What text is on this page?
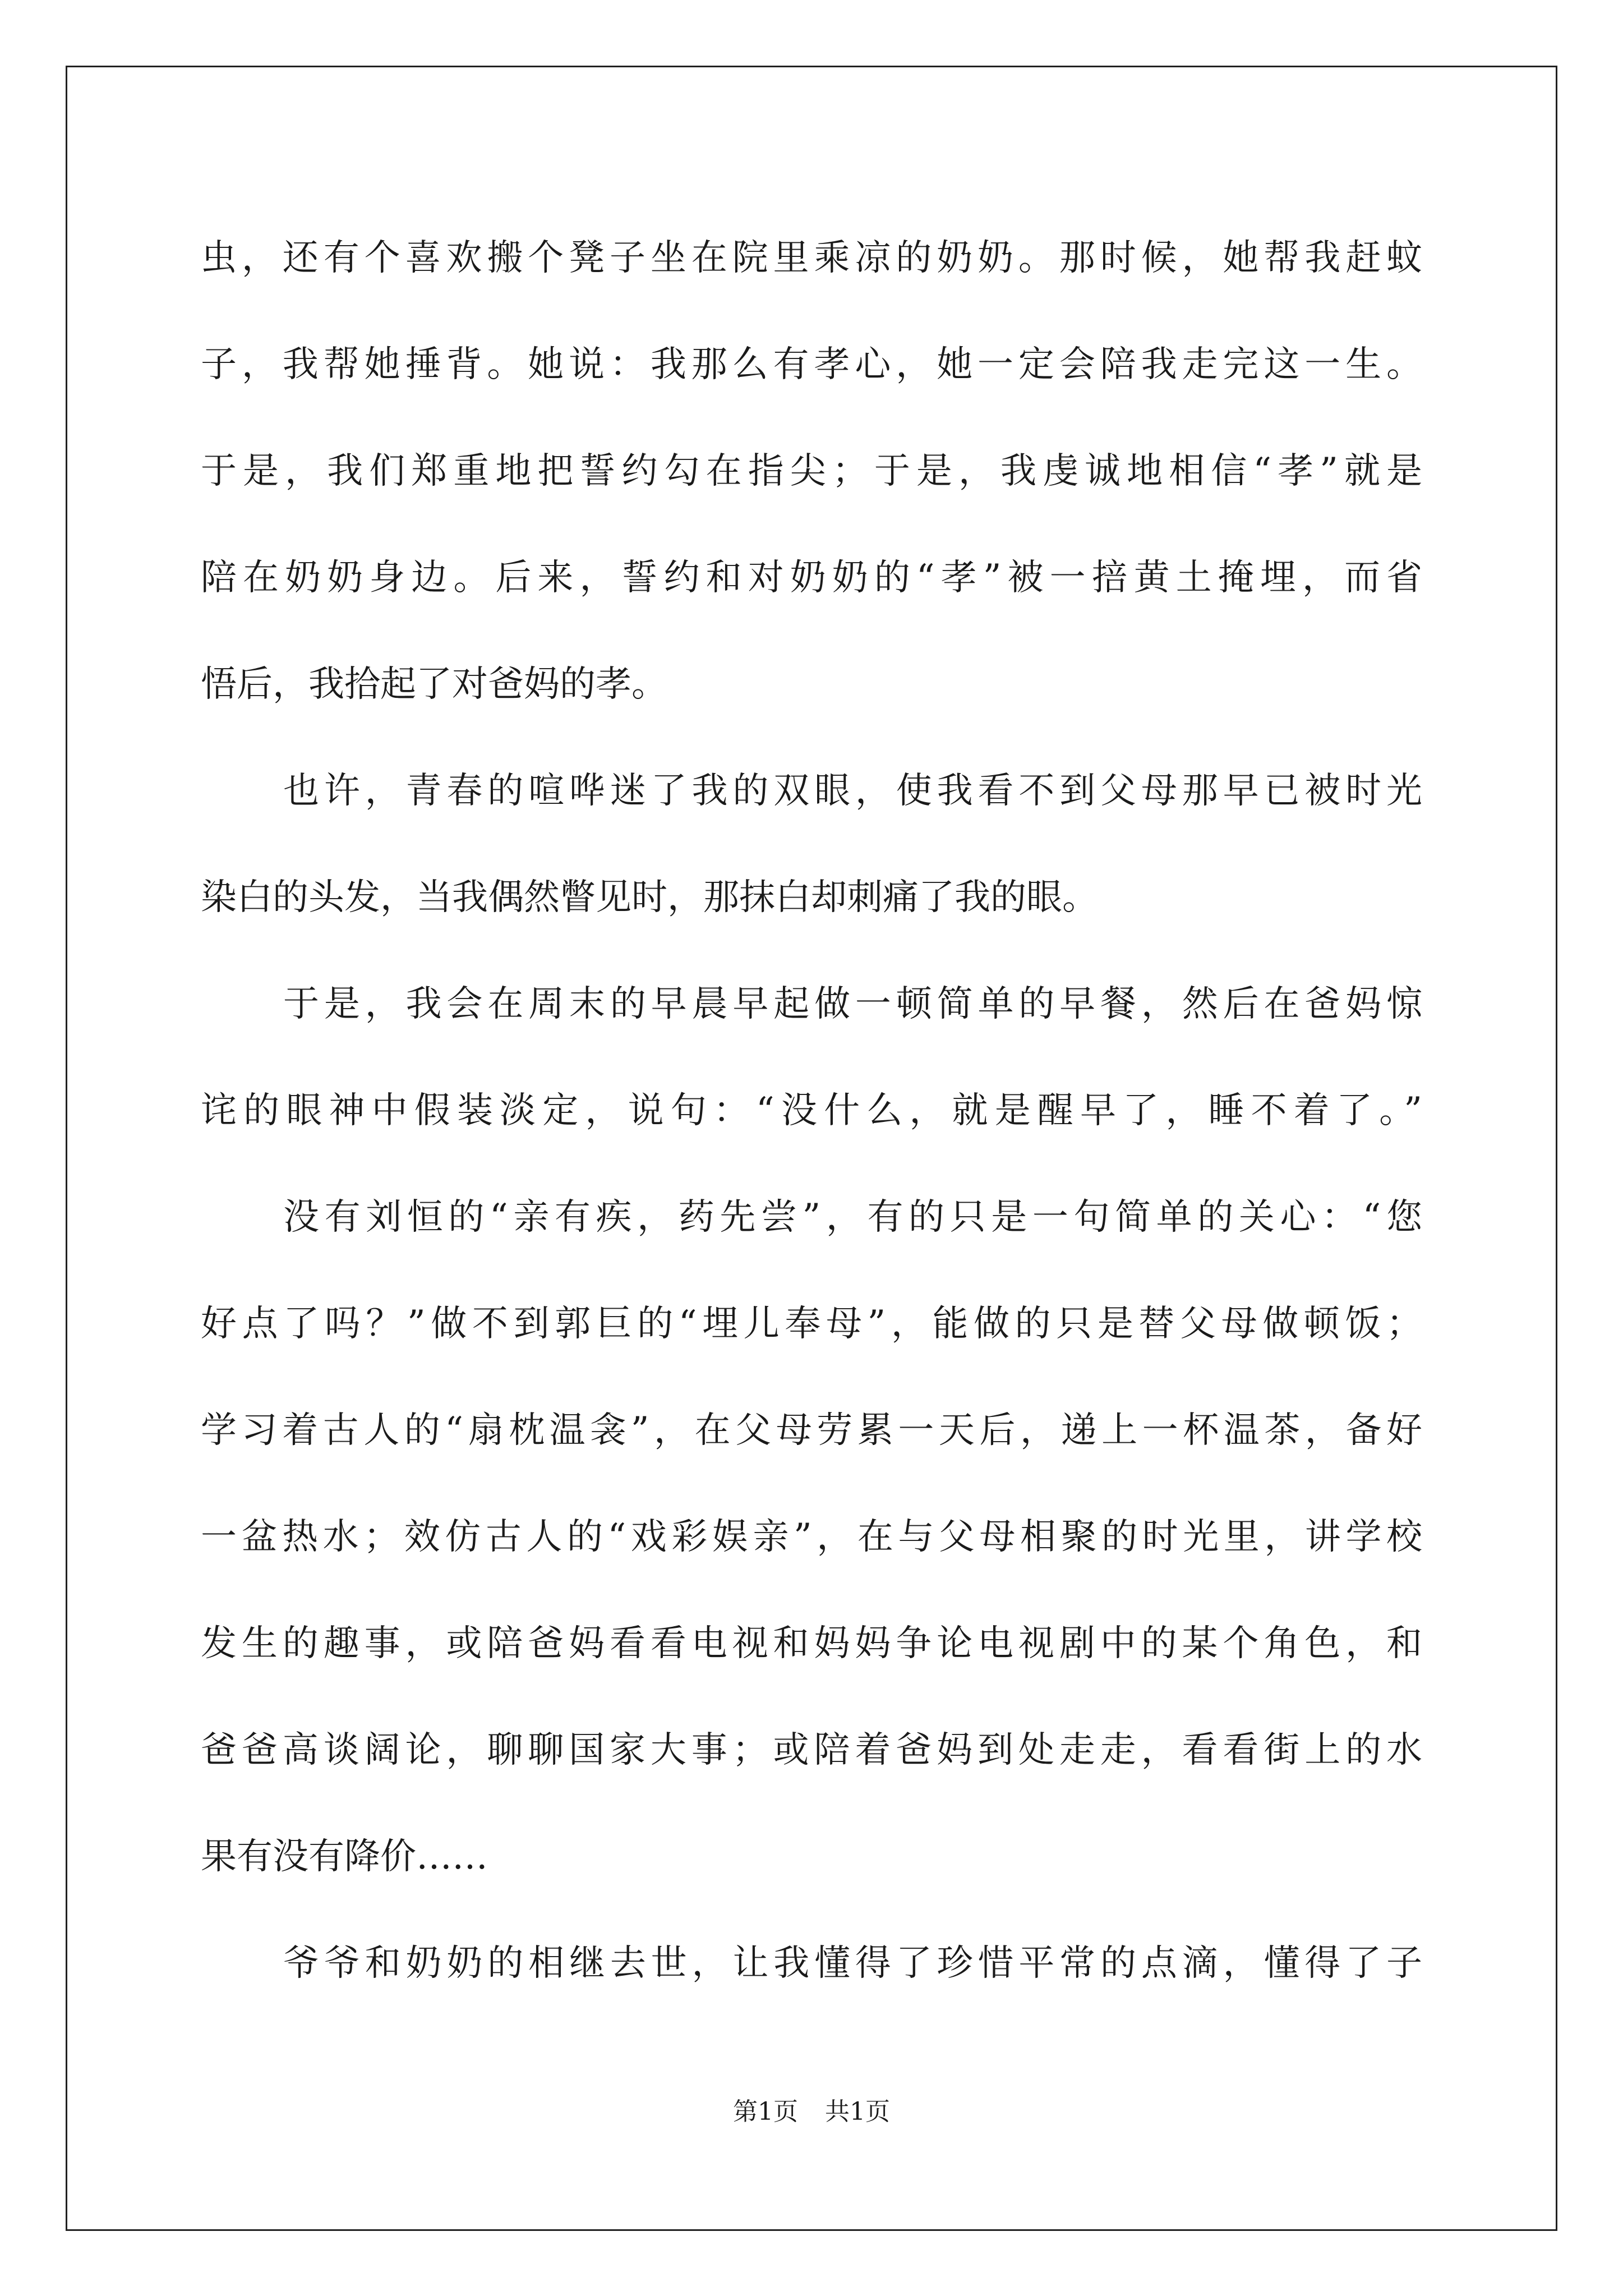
虫，还有个喜欢搬个凳子坐在院里乘凉的奶奶。那时候，她帮我赶蚊
子，我帮她捶背。她说：我那么有孝心，她一定会陪我走完这一生。
于是，我们郑重地把誓约勾在指尖；于是，我虔诚地相信“孝”就是
陪在奶奶身边。后来，誓约和对奶奶的“孝”被一掊黄土掩埋，而省
悟后，我拾起了对爸妈的孝。
也许，青春的喧哗迷了我的双眼，使我看不到父母那早已被时光
染白的头发，当我偶然瞥见时，那抹白却刺痛了我的眼。
于是，我会在周末的早晨早起做一顿简单的早餐，然后在爸妈惊
诧的眼神中假装淡定，说句：“没什么，就是醒早了，睡不着了。”
没有刘恒的“亲有疾，药先尝”，有的只是一句简单的关心：“您
好点了吗？”做不到郭巨的“埋儿奉母”，能做的只是替父母做顿饭；
学习着古人的“扇枕温衾”，在父母劳累一天后，递上一杯温茶，备好
一盆热水；效仿古人的“戏彩娱亲”，在与父母相聚的时光里，讲学校
发生的趣事，或陪爸妈看看电视和妈妈争论电视剧中的某个角色，和
爸爸高谈阔论，聊聊国家大事；或陪着爸妈到处走走，看看街上的水
果有没有降价……
爷爷和奶奶的相继去世，让我懂得了珍惜平常的点滴，懂得了子
第1页 共1页
